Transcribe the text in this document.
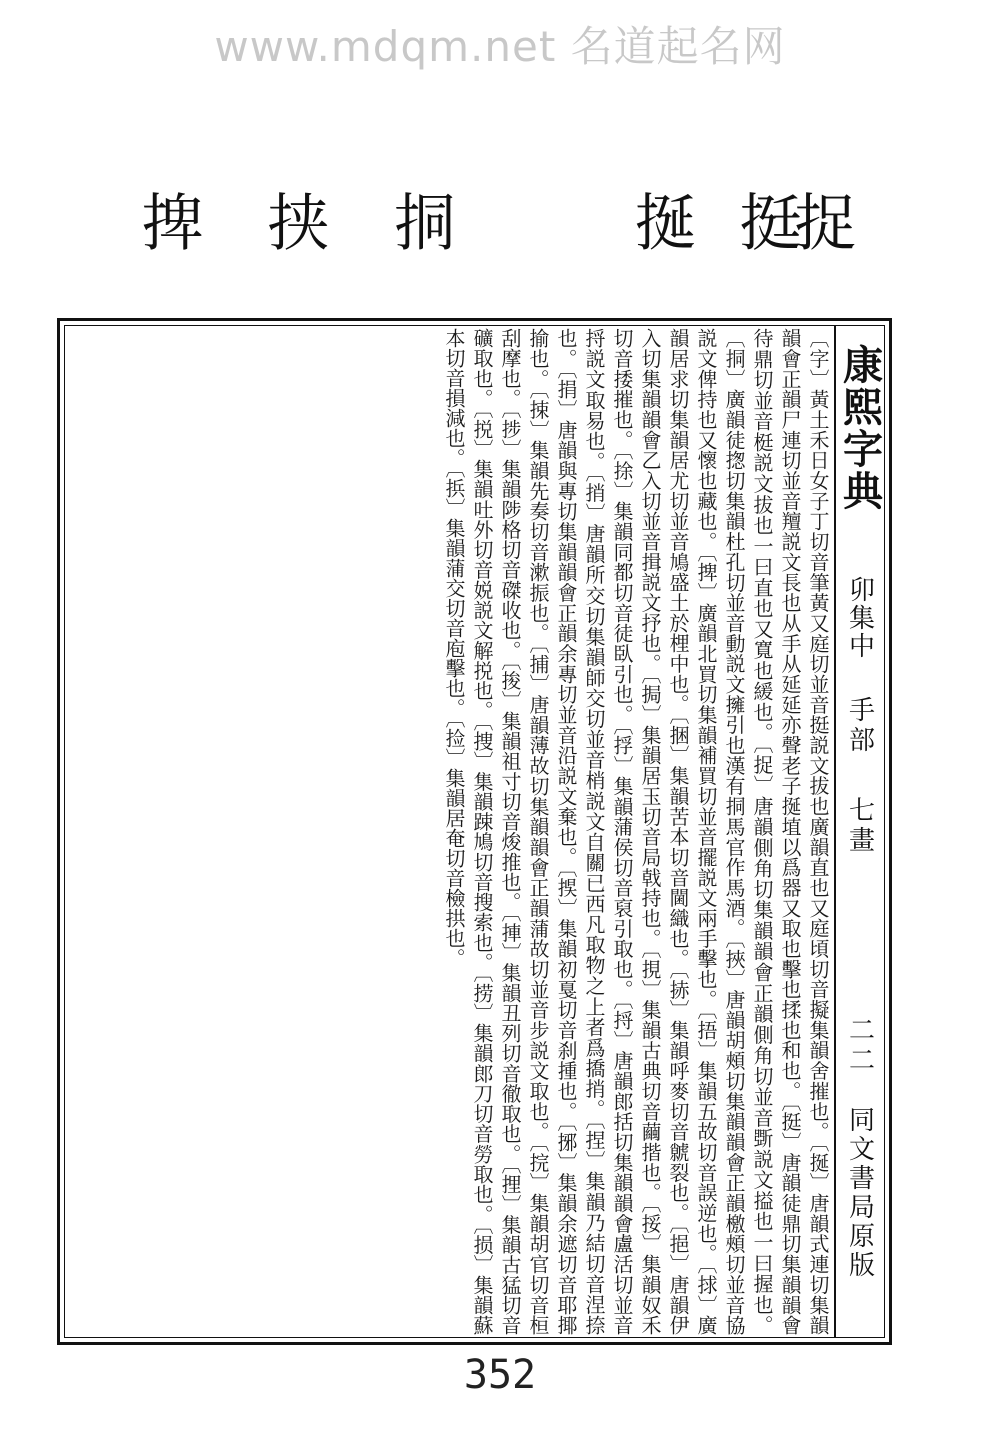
www.mdqm.net 名道起名网
捭 挟 挏	挻 挺
捉
康熙字典
卯集中
手部
七畫
二二
同文書局原版
〔字〕黃土禾日女子丁切音筆黃又庭切並音挺説文拔也廣韻直也又庭頃切音擬集韻舍摧也。〔挻〕唐韻式連切集韻韻會正韻尸連切並音羶説文長也从手从延延亦聲老子挻埴以爲器又取也擊也揉也和也。〔挺〕唐韻徒鼎切集韻韻會待鼎切並音梃説文拔也一曰直也又寬也緩也。〔捉〕唐韻側角切集韻韻會正韻側角切並音斲説文搤也一曰握也。〔挏〕廣韻徒揔切集韻杜孔切並音動説文擁引也漢有挏馬官作馬酒。〔挾〕唐韻胡頰切集韻韻會正韻檄頰切並音協説文俾持也又懷也藏也。〔捭〕廣韻北買切集韻補買切並音擺説文兩手擊也。〔捂〕集韻五故切音誤逆也。〔捄〕廣韻居求切集韻居尤切並音鳩盛土於梩中也。〔捆〕集韻苦本切音閫織也。〔捇〕集韻呼麥切音虩裂也。〔挹〕唐韻伊入切集韻韻會乙入切並音揖説文抒也。〔挶〕集韻居玉切音局戟持也。〔挸〕集韻古典切音繭揩也。〔挼〕集韻奴禾切音捼摧也。〔捈〕集韻同都切音徒臥引也。〔捊〕集韻蒲侯切音裒引取也。〔捋〕唐韻郎括切集韻韻會盧活切並音捋説文取易也。〔捎〕唐韻所交切集韻師交切並音梢説文自關已西凡取物之上者爲撟捎。〔捏〕集韻乃結切音涅捺也。〔捐〕唐韻與專切集韻韻會正韻余專切並音沿説文棄也。〔捑〕集韻初戛切音刹揰也。〔捓〕集韻余遮切音耶揶揄也。〔捒〕集韻先奏切音漱振也。〔捕〕唐韻薄故切集韻韻會正韻蒲故切並音步説文取也。〔捖〕集韻胡官切音桓刮摩也。〔捗〕集韻陟格切音磔收也。〔捘〕集韻祖寸切音焌推也。〔捙〕集韻丑列切音徹取也。〔捚〕集韻古猛切音礦取也。〔捝〕集韻吐外切音娧説文解捝也。〔捜〕集韻踈鳩切音搜索也。〔捞〕集韻郎刀切音勞取也。〔损〕集韻蘇本切音損減也。〔捠〕集韻蒲交切音庖擊也。〔捡〕集韻居奄切音檢拱也。
352
